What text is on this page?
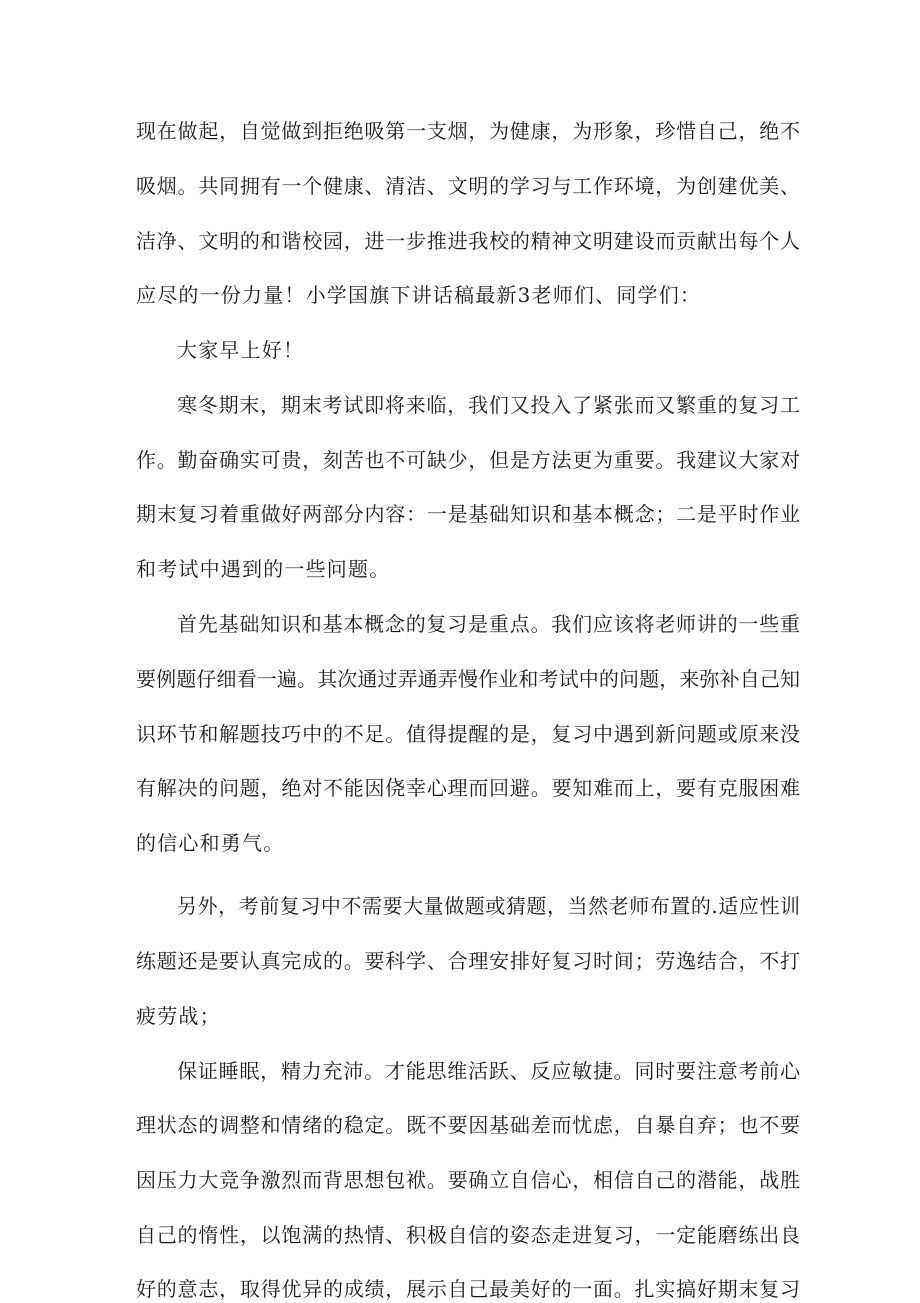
现在做起，自觉做到拒绝吸第一支烟，为健康，为形象，珍惜自己，绝不
吸烟。共同拥有一个健康、清洁、文明的学习与工作环境，为创建优美、
洁净、文明的和谐校园，进一步推进我校的精神文明建设而贡献出每个人
应尽的一份力量！小学国旗下讲话稿最新3老师们、同学们：
大家早上好！
寒冬期末，期末考试即将来临，我们又投入了紧张而又繁重的复习工
作。勤奋确实可贵，刻苦也不可缺少，但是方法更为重要。我建议大家对
期末复习着重做好两部分内容：一是基础知识和基本概念；二是平时作业
和考试中遇到的一些问题。
首先基础知识和基本概念的复习是重点。我们应该将老师讲的一些重
要例题仔细看一遍。其次通过弄通弄慢作业和考试中的问题，来弥补自己知
识环节和解题技巧中的不足。值得提醒的是，复习中遇到新问题或原来没
有解决的问题，绝对不能因侥幸心理而回避。要知难而上，要有克服困难
的信心和勇气。
另外，考前复习中不需要大量做题或猜题，当然老师布置的.适应性训
练题还是要认真完成的。要科学、合理安排好复习时间；劳逸结合，不打
疲劳战；
保证睡眠，精力充沛。才能思维活跃、反应敏捷。同时要注意考前心
理状态的调整和情绪的稳定。既不要因基础差而忧虑，自暴自弃；也不要
因压力大竞争激烈而背思想包袱。要确立自信心，相信自己的潜能，战胜
自己的惰性，以饱满的热情、积极自信的姿态走进复习，一定能磨练出良
好的意志，取得优异的成绩，展示自己最美好的一面。扎实搞好期末复习
